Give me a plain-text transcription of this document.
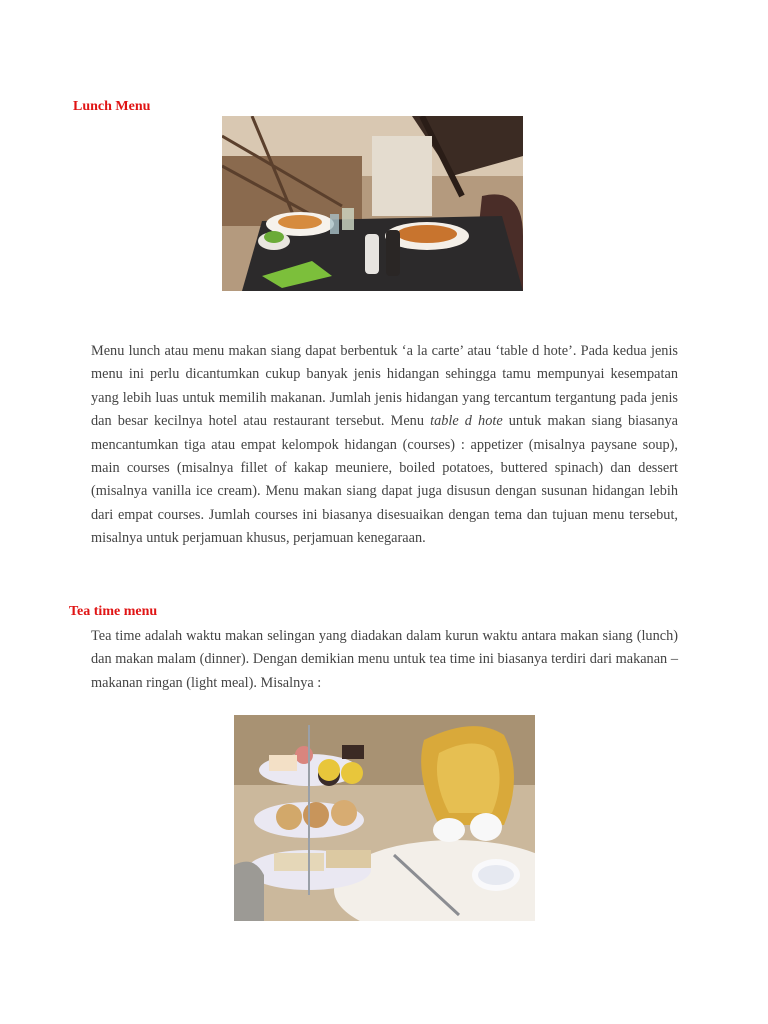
Lunch Menu

Menu lunch atau menu makan siang dapat berbentuk ‘a la carte’ atau ‘table d hote’. Pada kedua jenis menu ini perlu dicantumkan cukup banyak jenis hidangan sehingga tamu mempunyai kesempatan yang lebih luas untuk memilih makanan. Jumlah jenis hidangan yang tercantum tergantung pada jenis dan besar kecilnya hotel atau restaurant tersebut. Menu table d hote untuk makan siang biasanya mencantumkan tiga atau empat kelompok hidangan (courses) : appetizer (misalnya paysane soup), main courses (misalnya fillet of kakap meuniere, boiled potatoes, buttered spinach) dan dessert (misalnya vanilla ice cream). Menu makan siang dapat juga disusun dengan susunan hidangan lebih dari empat courses. Jumlah courses ini biasanya disesuaikan dengan tema dan tujuan menu tersebut, misalnya untuk perjamuan khusus, perjamuan kenegaraan.

Tea time menu

Tea time adalah waktu makan selingan yang diadakan dalam kurun waktu antara makan siang (lunch) dan makan malam (dinner). Dengan demikian menu untuk tea time ini biasanya terdiri dari makanan – makanan ringan (light meal). Misalnya :
